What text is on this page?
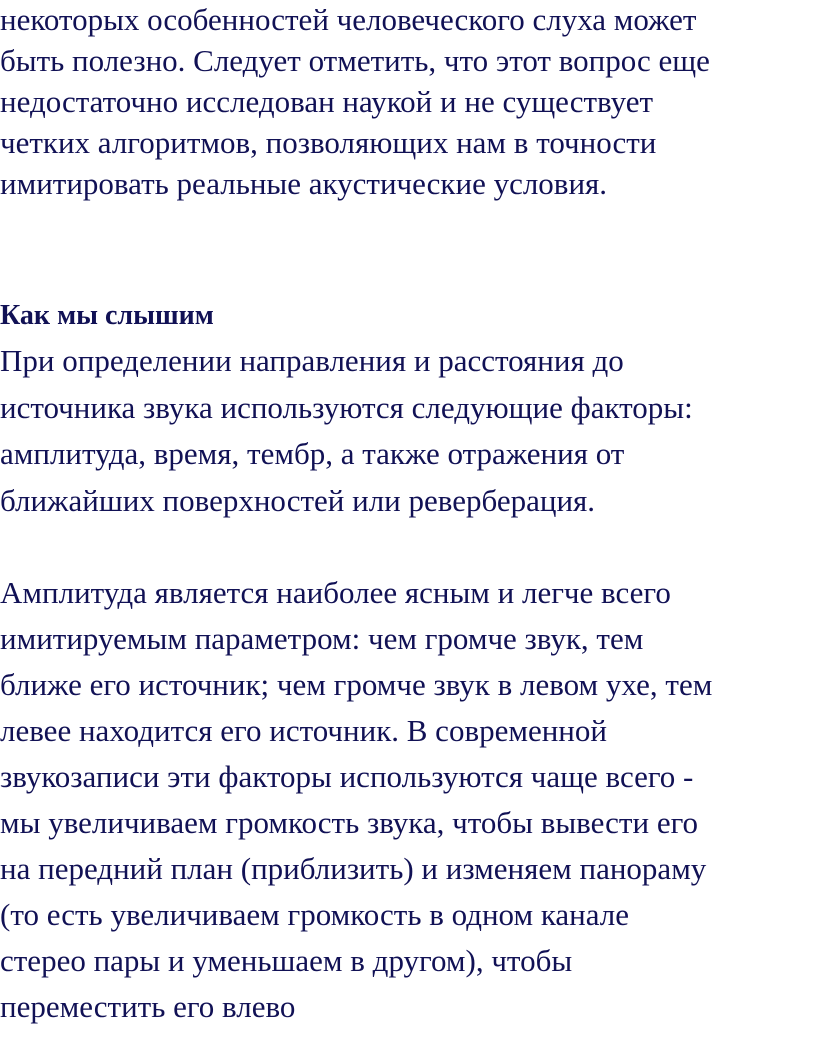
некоторых особенностей человеческого слуха может
быть полезно. Следует отметить, что этот вопрос еще
недостаточно исследован наукой и не существует
четких алгоритмов, позволяющих нам в точности
имитировать реальные акустические условия.
Как мы слышим
При определении направления и расстояния до
источника звука используются следующие факторы:
амплитуда, время, тембр, а также отражения от
ближайших поверхностей или реверберация.
Амплитуда является наиболее ясным и легче всего
имитируемым параметром: чем громче звук, тем
ближе его источник; чем громче звук в левом ухе, тем
левее находится его источник. В современной
звукозаписи эти факторы используются чаще всего -
мы увеличиваем громкость звука, чтобы вывести его
на передний план (приблизить) и изменяем панораму
(то есть увеличиваем громкость в одном канале
стерео пары и уменьшаем в другом), чтобы
переместить его влево
